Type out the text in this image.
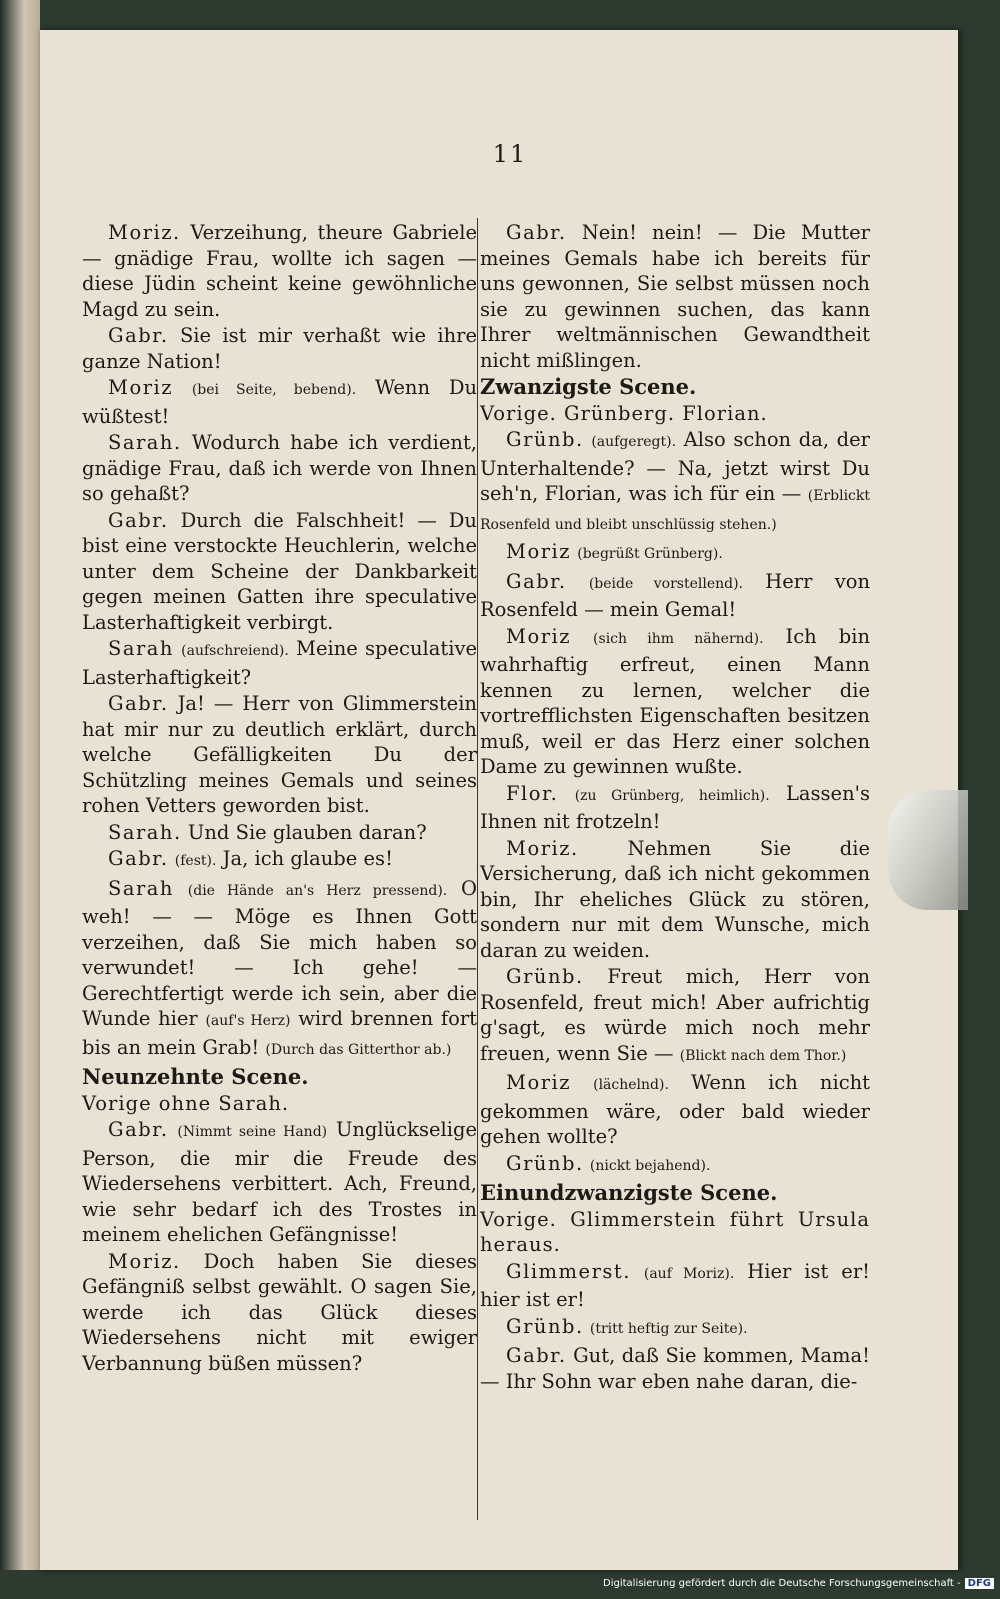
11

Moriz. Verzeihung, theure Gabriele — gnädige Frau, wollte ich sagen — diese Jüdin scheint keine gewöhnliche Magd zu sein.

Gabr. Sie ist mir verhaßt wie ihre ganze Nation!

Moriz (bei Seite, bebend). Wenn Du wüßtest!

Sarah. Wodurch habe ich verdient, gnädige Frau, daß ich werde von Ihnen so gehaßt?

Gabr. Durch die Falschheit! — Du bist eine verstockte Heuchlerin, welche unter dem Scheine der Dankbarkeit gegen meinen Gatten ihre speculative Lasterhaftigkeit verbirgt.

Sarah (aufschreiend). Meine speculative Lasterhaftigkeit?

Gabr. Ja! — Herr von Glimmerstein hat mir nur zu deutlich erklärt, durch welche Gefälligkeiten Du der Schützling meines Gemals und seines rohen Vetters geworden bist.

Sarah. Und Sie glauben daran?

Gabr. (fest). Ja, ich glaube es!

Sarah (die Hände an's Herz pressend). O weh! — — Möge es Ihnen Gott verzeihen, daß Sie mich haben so verwundet! — Ich gehe! — Gerechtfertigt werde ich sein, aber die Wunde hier (auf's Herz) wird brennen fort bis an mein Grab! (Durch das Gitterthor ab.)

Neunzehnte Scene.

Vorige ohne Sarah.

Gabr. (Nimmt seine Hand) Unglückselige Person, die mir die Freude des Wiedersehens verbittert. Ach, Freund, wie sehr bedarf ich des Trostes in meinem ehelichen Gefängnisse!

Moriz. Doch haben Sie dieses Gefängniß selbst gewählt. O sagen Sie, werde ich das Glück dieses Wiedersehens nicht mit ewiger Verbannung büßen müssen?

Gabr. Nein! nein! — Die Mutter meines Gemals habe ich bereits für uns gewonnen, Sie selbst müssen noch sie zu gewinnen suchen, das kann Ihrer weltmännischen Gewandtheit nicht mißlingen.

Zwanzigste Scene.

Vorige. Grünberg. Florian.

Grünb. (aufgeregt). Also schon da, der Unterhaltende? — Na, jetzt wirst Du seh'n, Florian, was ich für ein — (Erblickt Rosenfeld und bleibt unschlüssig stehen.)

Moriz (begrüßt Grünberg).

Gabr. (beide vorstellend). Herr von Rosenfeld — mein Gemal!

Moriz (sich ihm nähernd). Ich bin wahrhaftig erfreut, einen Mann kennen zu lernen, welcher die vortrefflichsten Eigenschaften besitzen muß, weil er das Herz einer solchen Dame zu gewinnen wußte.

Flor. (zu Grünberg, heimlich). Lassen's Ihnen nit frotzeln!

Moriz. Nehmen Sie die Versicherung, daß ich nicht gekommen bin, Ihr eheliches Glück zu stören, sondern nur mit dem Wunsche, mich daran zu weiden.

Grünb. Freut mich, Herr von Rosenfeld, freut mich! Aber aufrichtig g'sagt, es würde mich noch mehr freuen, wenn Sie — (Blickt nach dem Thor.)

Moriz (lächelnd). Wenn ich nicht gekommen wäre, oder bald wieder gehen wollte?

Grünb. (nickt bejahend).

Einundzwanzigste Scene.

Vorige. Glimmerstein führt Ursula heraus.

Glimmerst. (auf Moriz). Hier ist er! hier ist er!

Grünb. (tritt heftig zur Seite).

Gabr. Gut, daß Sie kommen, Mama! — Ihr Sohn war eben nahe daran, die-

Digitalisierung gefördert durch die Deutsche Forschungsgemeinschaft - DFG
